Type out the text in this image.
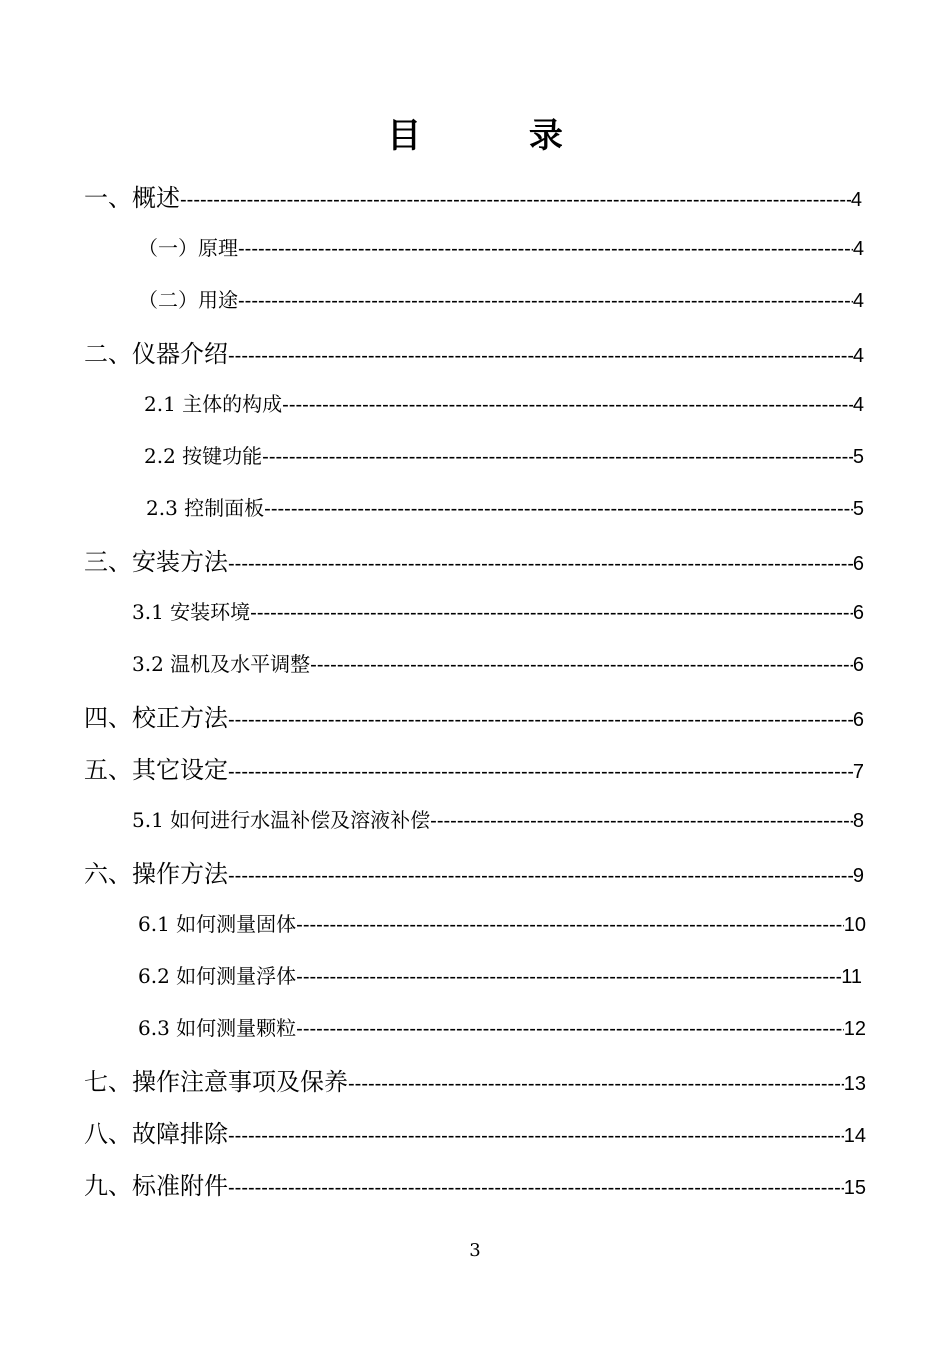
目 录
一、概述 -----	4
（一）原理 -----	4
（二）用途 -----	4
二、仪器介绍 -----	4
2.1 主体的构成 -----	4
2.2 按键功能 -----	5
2.3 控制面板 -----	5
三、安装方法 -----	6
3.1 安装环境 -----	6
3.2 温机及水平调整 -----	6
四、校正方法 -----	6
五、其它设定 -----	7
5.1 如何进行水温补偿及溶液补偿 -----	8
六、操作方法 -----	9
6.1 如何测量固体 -----	10
6.2 如何测量浮体 -----	11
6.3 如何测量颗粒 -----	12
七、操作注意事项及保养 -----	13
八、故障排除 -----	14
九、标准附件 -----	15
3
